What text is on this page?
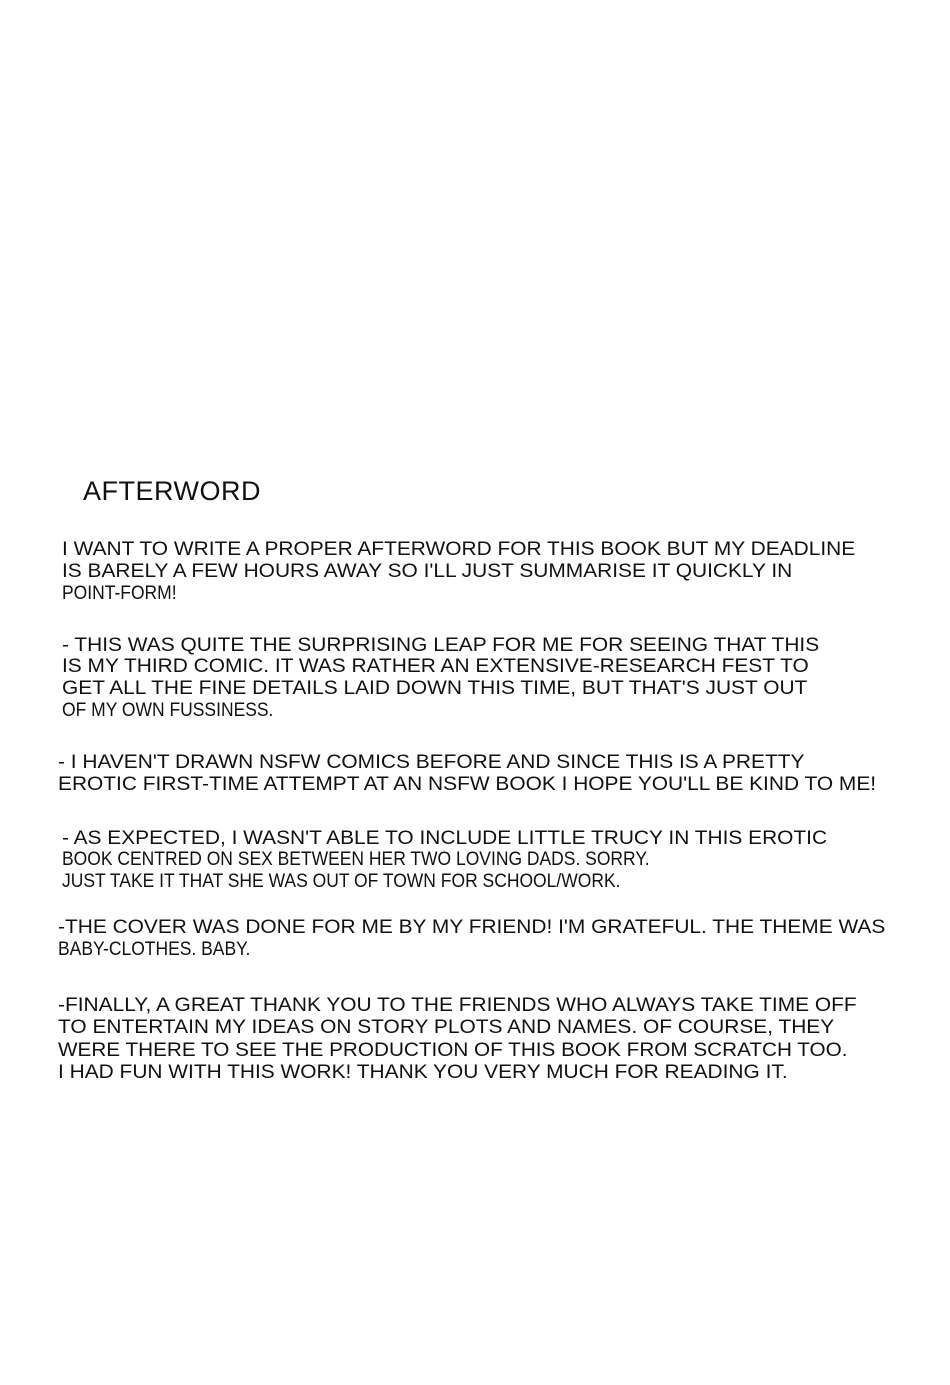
AFTERWORD
I WANT TO WRITE A PROPER AFTERWORD FOR THIS BOOK BUT MY DEADLINE
IS BARELY A FEW HOURS AWAY SO I'LL JUST SUMMARISE IT QUICKLY IN
POINT-FORM!
- THIS WAS QUITE THE SURPRISING LEAP FOR ME FOR SEEING THAT THIS
IS MY THIRD COMIC. IT WAS RATHER AN EXTENSIVE-RESEARCH FEST TO
GET ALL THE FINE DETAILS LAID DOWN THIS TIME, BUT THAT'S JUST OUT
OF MY OWN FUSSINESS.
- I HAVEN'T DRAWN NSFW COMICS BEFORE AND SINCE THIS IS A PRETTY
EROTIC FIRST-TIME ATTEMPT AT AN NSFW BOOK I HOPE YOU'LL BE KIND TO ME!
- AS EXPECTED, I WASN'T ABLE TO INCLUDE LITTLE TRUCY IN THIS EROTIC
BOOK CENTRED ON SEX BETWEEN HER TWO LOVING DADS. SORRY.
JUST TAKE IT THAT SHE WAS OUT OF TOWN FOR SCHOOL/WORK.
-THE COVER WAS DONE FOR ME BY MY FRIEND! I'M GRATEFUL. THE THEME WAS
BABY-CLOTHES. BABY.
-FINALLY, A GREAT THANK YOU TO THE FRIENDS WHO ALWAYS TAKE TIME OFF
TO ENTERTAIN MY IDEAS ON STORY PLOTS AND NAMES. OF COURSE, THEY
WERE THERE TO SEE THE PRODUCTION OF THIS BOOK FROM SCRATCH TOO.
I HAD FUN WITH THIS WORK! THANK YOU VERY MUCH FOR READING IT.
